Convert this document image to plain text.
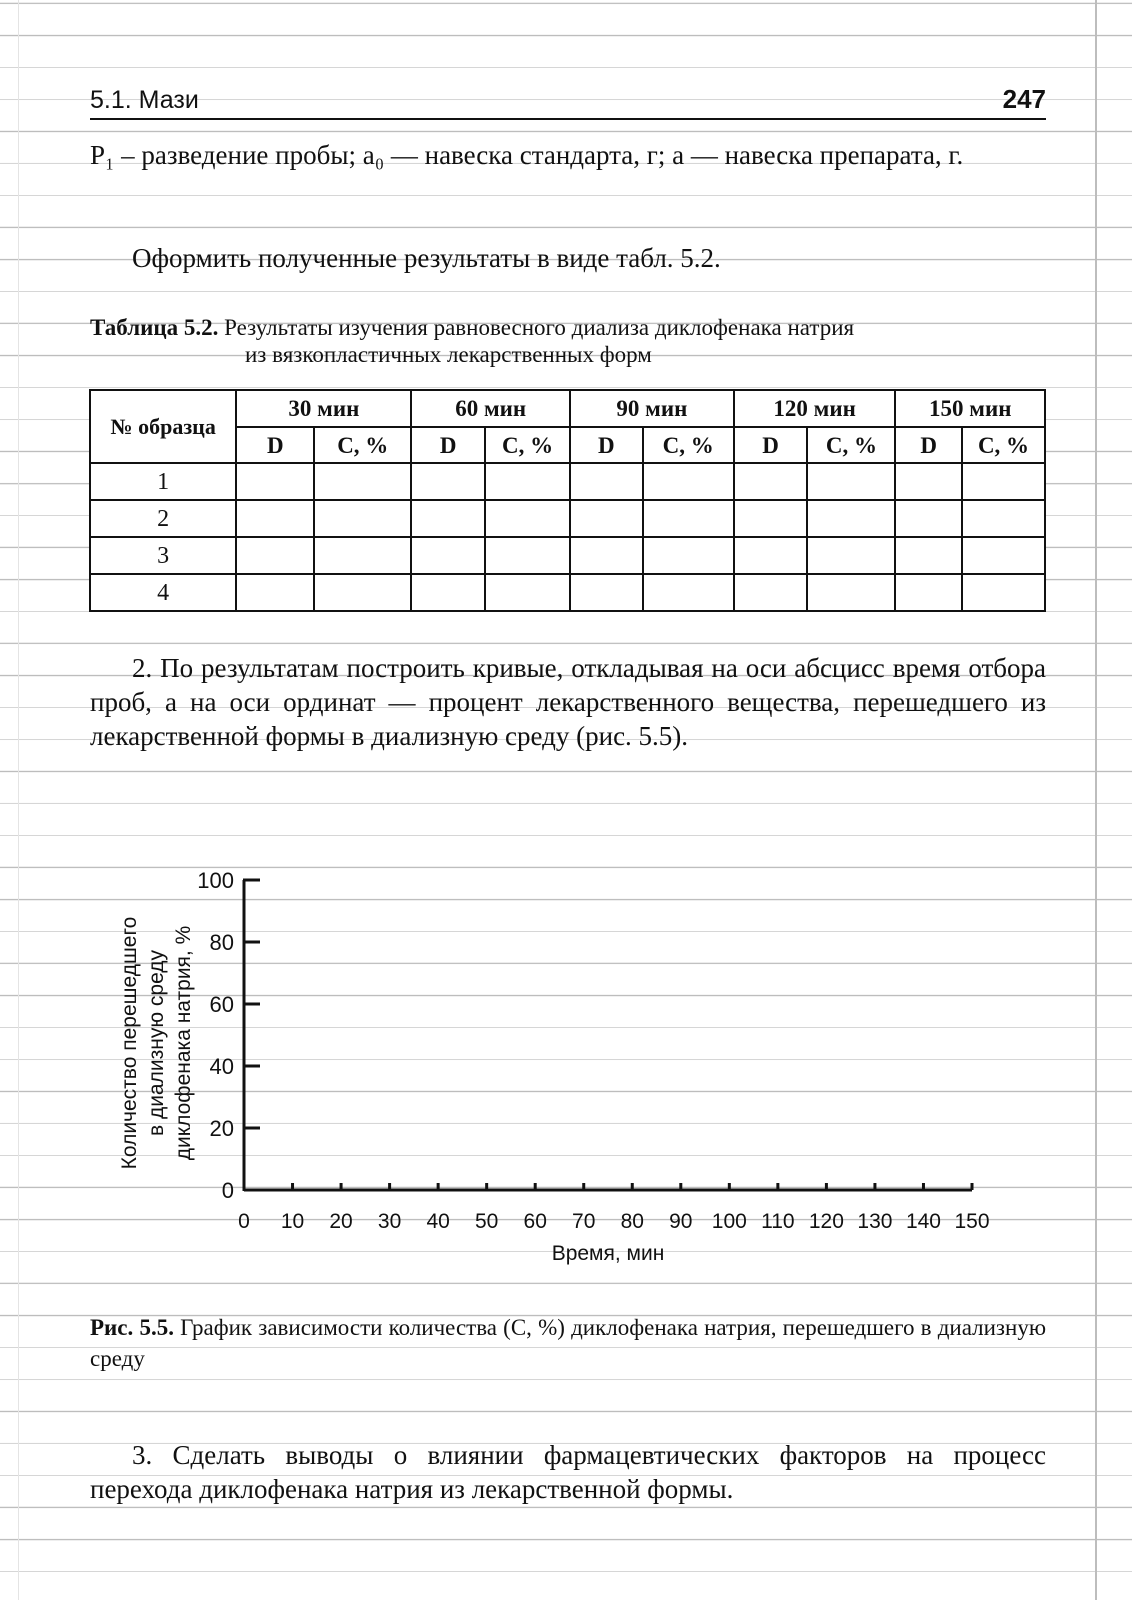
5.1. Мази	247

P₁ – разведение пробы; a₀ — навеска стандарта, г; a — навеска препарата, г.

Оформить полученные результаты в виде табл. 5.2.

Таблица 5.2. Результаты изучения равновесного диализа диклофенака натрия
из вязкопластичных лекарственных форм
№ образца	30 мин		60 мин		90 мин		120 мин		150 мин	
	D	C, %	D	C, %	D	C, %	D	C, %	D	C, %
1										
2										
3										
4										

2. По результатам построить кривые, откладывая на оси абсцисс время отбора проб, а на оси ординат — процент лекарственного вещества, перешедшего из лекарственной формы в диализную среду (рис. 5.5).

0
20
40
60
80
100
0 10 20 30 40 50 60 70 80 90 100 110 120 130 140 150
Время, мин
Количество перешедшего в диализную среду диклофенака натрия, %
Рис. 5.5. График зависимости количества (С, %) диклофенака натрия, перешедшего в диализную среду

3. Сделать выводы о влиянии фармацевтических факторов на процесс перехода диклофенака натрия из лекарственной формы.
